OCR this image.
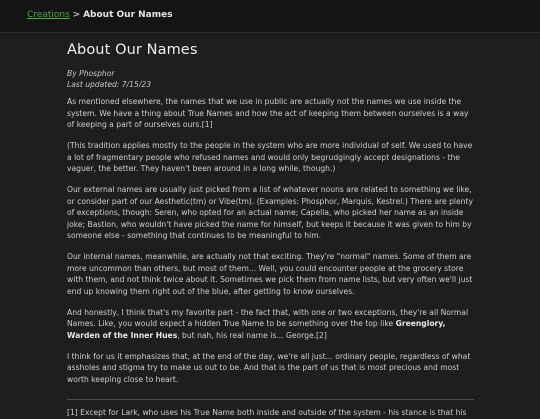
Creations > About Our Names
About Our Names
By Phosphor
Last updated: 7/15/23

As mentioned elsewhere, the names that we use in public are actually not the names we use inside the system. We have a thing about True Names and how the act of keeping them between ourselves is a way of keeping a part of ourselves ours.[1]

(This tradition applies mostly to the people in the system who are more individual of self. We used to have a lot of fragmentary people who refused names and would only begrudgingly accept designations - the vaguer, the better. They haven't been around in a long while, though.)

Our external names are usually just picked from a list of whatever nouns are related to something we like, or consider part of our Aesthetic(tm) or Vibe(tm). (Examples: Phosphor, Marquis, Kestrel.) There are plenty of exceptions, though: Seren, who opted for an actual name; Capella, who picked her name as an inside joke; Bastion, who wouldn't have picked the name for himself, but keeps it because it was given to him by someone else - something that continues to be meaningful to him.

Our internal names, meanwhile, are actually not that exciting. They're "normal" names. Some of them are more uncommon than others, but most of them... Well, you could encounter people at the grocery store with them, and not think twice about it. Sometimes we pick them from name lists, but very often we'll just end up knowing them right out of the blue, after getting to know ourselves.

And honestly, I think that's my favorite part - the fact that, with one or two exceptions, they're all Normal Names. Like, you would expect a hidden True Name to be something over the top like Greenglory, Warden of the Inner Hues, but nah, his real name is... George.[2]

I think for us it emphasizes that, at the end of the day, we're all just... ordinary people, regardless of what assholes and stigma try to make us out to be. And that is the part of us that is most precious and most worth keeping close to heart.

[1] Except for Lark, who uses his True Name both inside and outside of the system - his stance is that his
